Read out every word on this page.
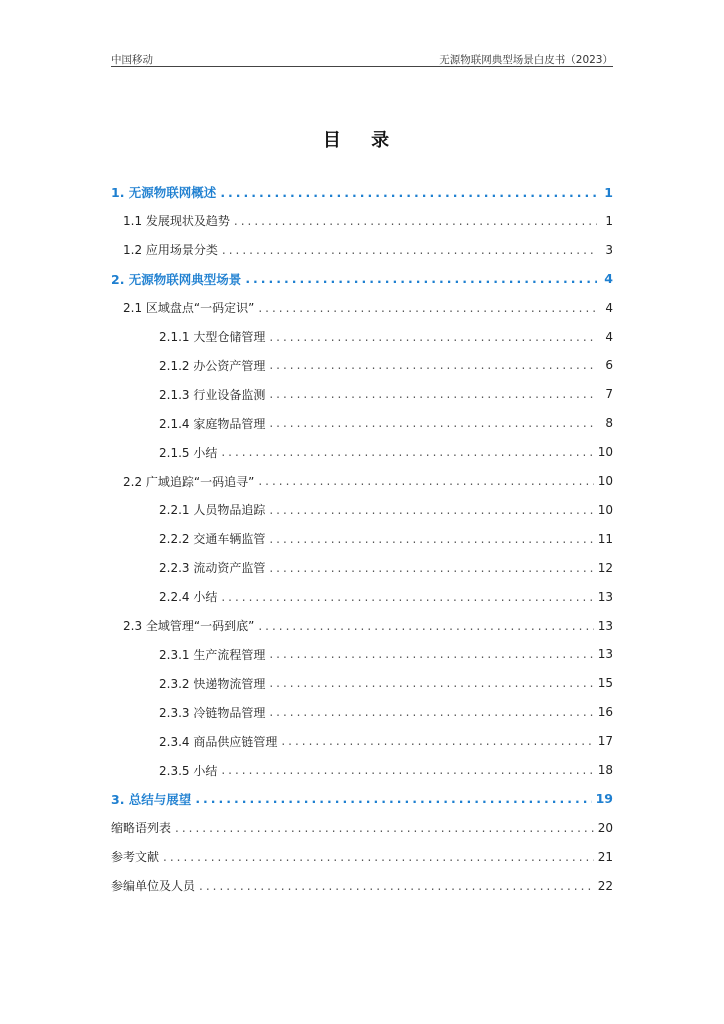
中国移动	无源物联网典型场景白皮书（2023）
目 录
1. 无源物联网概述 .....	1
1.1 发展现状及趋势 .....	1
1.2 应用场景分类 .....	3
2. 无源物联网典型场景 .....	4
2.1 区域盘点“一码定识” .....	4
2.1.1 大型仓储管理 .....	4
2.1.2 办公资产管理 .....	6
2.1.3 行业设备监测 .....	7
2.1.4 家庭物品管理 .....	8
2.1.5 小结 .....	10
2.2 广域追踪“一码追寻” .....	10
2.2.1 人员物品追踪 .....	10
2.2.2 交通车辆监管 .....	11
2.2.3 流动资产监管 .....	12
2.2.4 小结 .....	13
2.3 全域管理“一码到底” .....	13
2.3.1 生产流程管理 .....	13
2.3.2 快递物流管理 .....	15
2.3.3 冷链物品管理 .....	16
2.3.4 商品供应链管理 .....	17
2.3.5 小结 .....	18
3. 总结与展望 .....	19
缩略语列表 .....	20
参考文献 .....	21
参编单位及人员 .....	22
